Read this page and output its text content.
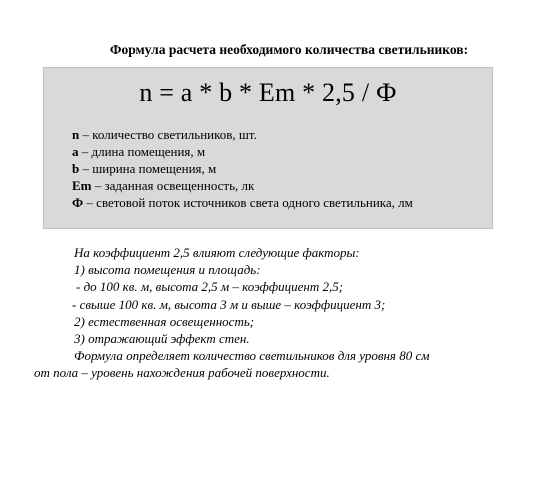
Формула расчета необходимого количества светильников:
n = a * b * Em * 2,5 / Ф
n – количество светильников, шт.
a – длина помещения, м
b – ширина помещения, м
Em – заданная освещенность, лк
Ф – световой поток источников света одного светильника, лм

На коэффициент 2,5 влияют следующие факторы:

1) высота помещения и площадь:

- до 100 кв. м, высота 2,5 м – коэффициент 2,5;

- свыше 100 кв. м, высота 3 м и выше – коэффициент 3;

2) естественная освещенность;

3) отражающий эффект стен.

Формула определяет количество светильников для уровня 80 см

от пола – уровень нахождения рабочей поверхности.
